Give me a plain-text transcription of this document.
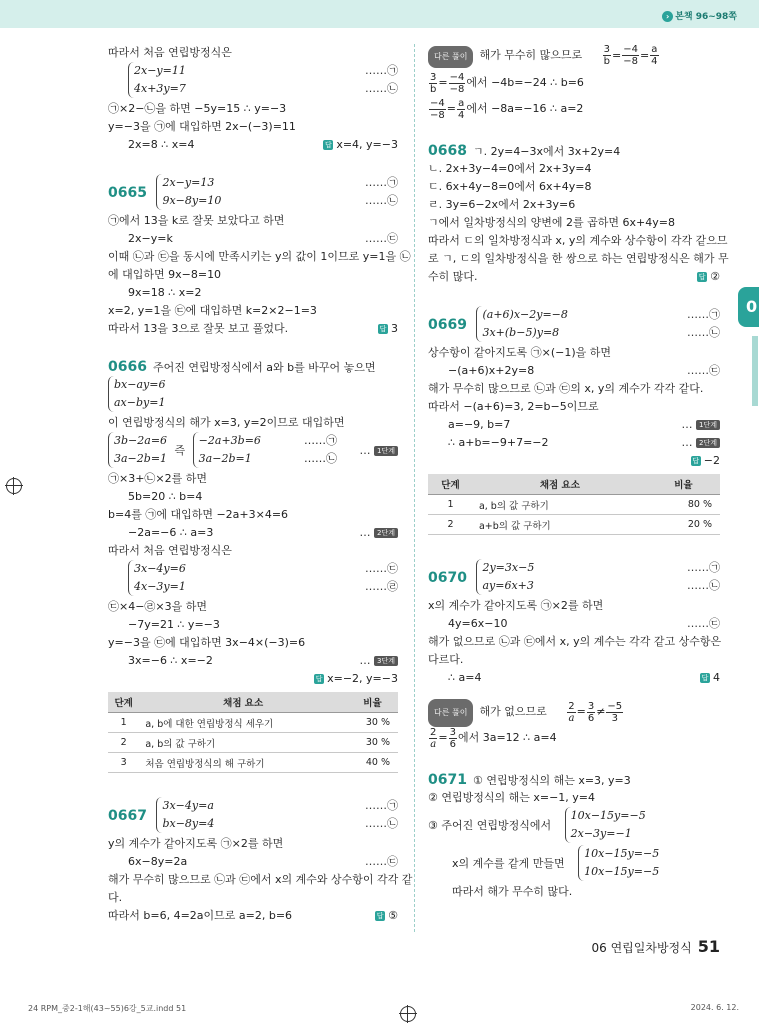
› 본책 96~98쪽
따라서 처음 연립방정식은
2x−y=11
4x+3y=7
……㉠
……㉡
㉠×2−㉡을 하면 −5y=15 ∴ y=−3
y=−3을 ㉠에 대입하면 2x−(−3)=11
2x=8 ∴ x=4	답 x=4, y=−3
0665
2x−y=13
9x−8y=10
……㉠
……㉡
㉠에서 13을 k로 잘못 보았다고 하면
2x−y=k	……㉢
이때 ㉡과 ㉢을 동시에 만족시키는 y의 값이 1이므로 y=1을 ㉡
에 대입하면 9x−8=10
9x=18 ∴ x=2
x=2, y=1을 ㉢에 대입하면 k=2×2−1=3
따라서 13을 3으로 잘못 보고 풀었다.	답 3
0666 주어진 연립방정식에서 a와 b를 바꾸어 놓으면
bx−ay=6
ax−by=1
이 연립방정식의 해가 x=3, y=2이므로 대입하면
3b−2a=6
3a−2b=1
즉
−2a+3b=6
3a−2b=1
……㉠
……㉡
… 1단계
㉠×3+㉡×2를 하면
5b=20 ∴ b=4
b=4를 ㉠에 대입하면 −2a+3×4=6
−2a=−6 ∴ a=3	… 2단계
따라서 처음 연립방정식은
3x−4y=6
4x−3y=1
……㉢
……㉣
㉢×4−㉣×3을 하면
−7y=21 ∴ y=−3
y=−3을 ㉢에 대입하면 3x−4×(−3)=6
3x=−6 ∴ x=−2	… 3단계
답 x=−2, y=−3
단계	채점 요소	비율
1	a, b에 대한 연립방정식 세우기	30 %
2	a, b의 값 구하기	30 %
3	처음 연립방정식의 해 구하기	40 %
0667
3x−4y=a
bx−8y=4
……㉠
……㉡
y의 계수가 같아지도록 ㉠×2를 하면
6x−8y=2a	……㉢
해가 무수히 많으므로 ㉡과 ㉢에서 x의 계수와 상수항이 각각 같
다.
따라서 b=6, 4=2a이므로 a=2, b=6	답 ⑤
다른 풀이 해가 무수히 많으므로 $\frac{3}{b} = \frac{-4}{-8} = \frac{a}{4}$
$\frac{3}{b} = \frac{-4}{-8}$ 에서 −4b=−24 ∴ b=6
$\frac{-4}{-8} = \frac{a}{4}$ 에서 −8a=−16 ∴ a=2
0668 ㄱ. 2y=4−3x에서 3x+2y=4
ㄴ. 2x+3y−4=0에서 2x+3y=4
ㄷ. 6x+4y−8=0에서 6x+4y=8
ㄹ. 3y=6−2x에서 2x+3y=6
ㄱ에서 일차방정식의 양변에 2를 곱하면 6x+4y=8
따라서 ㄷ의 일차방정식과 x, y의 계수와 상수항이 각각 같으므
로 ㄱ, ㄷ의 일차방정식을 한 쌍으로 하는 연립방정식은 해가 무
수히 많다.	답 ②
0669
(a+6)x−2y=−8
3x+(b−5)y=8
……㉠
……㉡
상수항이 같아지도록 ㉠×(−1)을 하면
−(a+6)x+2y=8	……㉢
해가 무수히 많으므로 ㉡과 ㉢의 x, y의 계수가 각각 같다.
따라서 −(a+6)=3, 2=b−5이므로
a=−9, b=7	… 1단계
∴ a+b=−9+7=−2	… 2단계
답 −2
단계	채점 요소	비율
1	a, b의 값 구하기	80 %
2	a+b의 값 구하기	20 %
0670
2y=3x−5
ay=6x+3
……㉠
……㉡
x의 계수가 같아지도록 ㉠×2를 하면
4y=6x−10	……㉢
해가 없으므로 ㉡과 ㉢에서 x, y의 계수는 각각 같고 상수항은
다르다.
∴ a=4	답 4
다른 풀이 해가 없으므로 $\frac{2}{a} = \frac{3}{6} \ne \frac{-5}{3}$
$\frac{2}{a} = \frac{3}{6}$ 에서 3a=12 ∴ a=4
0671 ① 연립방정식의 해는 x=3, y=3
② 연립방정식의 해는 x=−1, y=4
③ 주어진 연립방정식에서
10x−15y=−5
2x−3y=−1
x의 계수를 같게 만들면
10x−15y=−5
10x−15y=−5
따라서 해가 무수히 많다.
0
06 연립일차방정식 51
24 RPM_중2-1해(43~55)6강_5교.indd 51	2024. 6. 12.
